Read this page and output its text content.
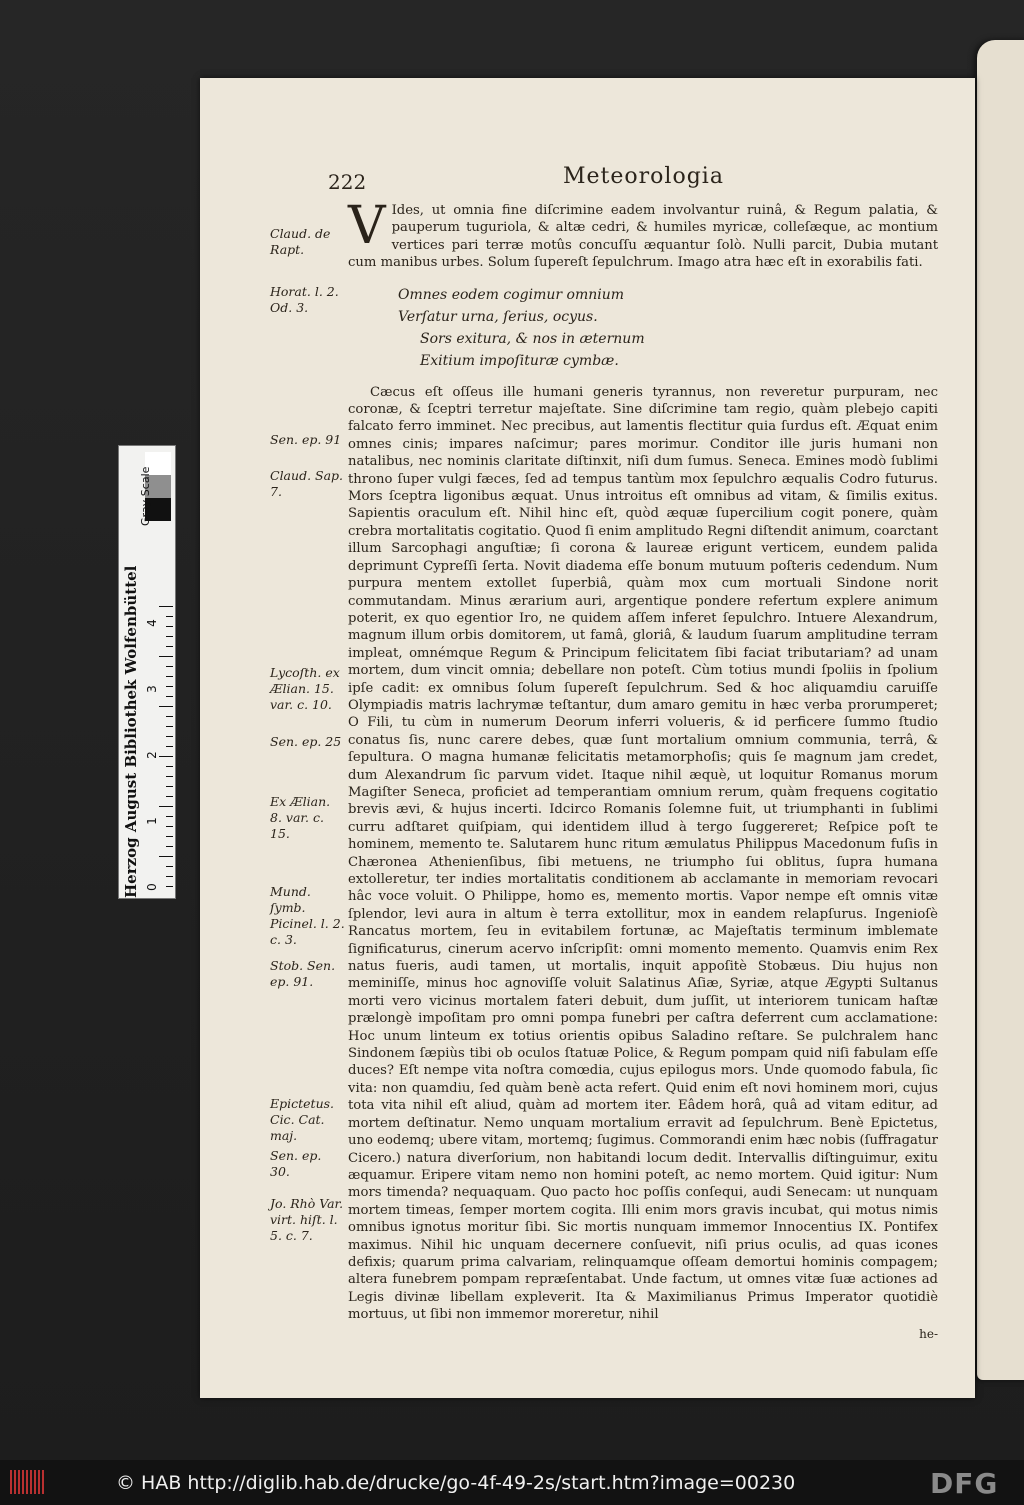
222	Meteorologia

V Ides, ut omnia fine diſcrimine eadem involvantur ruinâ, & Regum palatia, & pauperum tuguriola, & altæ cedri, & humiles myricæ, colleſæque, ac montium vertices pari terræ motûs concuſſu æquantur ſolò. Nulli parcit, Dubia mutant cum manibus urbes. Solum ſupereſt ſepulchrum. Imago atra hæc eſt in exorabilis fati.

Omnes eodem cogimur omnium
Verſatur urna, ſerius, ocyus.
Sors exitura, & nos in æternum
Exitium impoſituræ cymbæ.

Cæcus eſt oſſeus ille humani generis tyrannus, non reveretur purpuram, nec coronæ, & ſceptri terretur majeſtate. Sine diſcrimine tam regio, quàm plebejo capiti falcato ferro imminet. Nec precibus, aut lamentis flectitur quia ſurdus eſt. Æquat enim omnes cinis; impares naſcimur; pares morimur. Conditor ille juris humani non natalibus, nec nominis claritate diſtinxit, niſi dum ſumus. Seneca. Emines modò ſublimi throno ſuper vulgi fæces, ſed ad tempus tantùm mox ſepulchro æqualis Codro futurus. Mors ſceptra ligonibus æquat. Unus introitus eſt omnibus ad vitam, & ſimilis exitus. Sapientis oraculum eſt. Nihil hinc eſt, quòd æquæ ſupercilium cogit ponere, quàm crebra mortalitatis cogitatio. Quod ſi enim amplitudo Regni diſtendit animum, coarctant illum Sarcophagi anguſtiæ; ſi corona & laureæ erigunt verticem, eundem palida deprimunt Cypreſſi ſerta. Novit diadema eſſe bonum mutuum poſteris cedendum. Num purpura mentem extollet ſuperbiâ, quàm mox cum mortuali Sindone norit commutandam. Minus ærarium auri, argentique pondere refertum explere animum poterit, ex quo egentior Iro, ne quidem aſſem inferet ſepulchro. Intuere Alexandrum, magnum illum orbis domitorem, ut famâ, gloriâ, & laudum ſuarum amplitudine terram impleat, omnémque Regum & Principum felicitatem ſibi faciat tributariam? ad unam mortem, dum vincit omnia; debellare non poteſt. Cùm totius mundi ſpoliis in ſpolium ipſe cadit: ex omnibus ſolum ſupereſt ſepulchrum. Sed & hoc aliquamdiu caruiſſe Olympiadis matris lachrymæ teſtantur, dum amaro gemitu in hæc verba prorumperet; O Fili, tu cùm in numerum Deorum inferri volueris, & id perficere ſummo ſtudio conatus ſis, nunc carere debes, quæ ſunt mortalium omnium communia, terrâ, & ſepultura. O magna humanæ felicitatis metamorphoſis; quis ſe magnum jam credet, dum Alexandrum ſic parvum videt. Itaque nihil æquè, ut loquitur Romanus morum Magiſter Seneca, proficiet ad temperantiam omnium rerum, quàm frequens cogitatio brevis ævi, & hujus incerti. Idcirco Romanis ſolemne fuit, ut triumphanti in ſublimi curru adſtaret quiſpiam, qui identidem illud à tergo ſuggereret; Reſpice poſt te hominem, memento te. Salutarem hunc ritum æmulatus Philippus Macedonum fuſis in Chæronea Athenienſibus, ſibi metuens, ne triumpho ſui oblitus, ſupra humana extolleretur, ter indies mortalitatis conditionem ab acclamante in memoriam revocari hâc voce voluit. O Philippe, homo es, memento mortis. Vapor nempe eſt omnis vitæ ſplendor, levi aura in altum è terra extollitur, mox in eandem relapſurus. Ingenioſè Rancatus mortem, ſeu in evitabilem fortunæ, ac Majeſtatis terminum imblemate ſignificaturus, cinerum acervo inſcripſit: omni momento memento. Quamvis enim Rex natus fueris, audi tamen, ut mortalis, inquit appoſitè Stobæus. Diu hujus non meminiſſe, minus hoc agnoviſſe voluit Salatinus Aſiæ, Syriæ, atque Ægypti Sultanus morti vero vicinus mortalem fateri debuit, dum juſſit, ut interiorem tunicam haſtæ prælongè impoſitam pro omni pompa funebri per caſtra deferrent cum acclamatione: Hoc unum linteum ex totius orientis opibus Saladino reſtare. Se pulchralem hanc Sindonem ſæpiùs tibi ob oculos ſtatuæ Police, & Regum pompam quid niſi fabulam eſſe duces? Eſt nempe vita noſtra comœdia, cujus epilogus mors. Unde quomodo fabula, ſic vita: non quamdiu, ſed quàm benè acta refert. Quid enim eſt novi hominem mori, cujus tota vita nihil eſt aliud, quàm ad mortem iter. Eâdem horâ, quâ ad vitam editur, ad mortem deſtinatur. Nemo unquam mortalium erravit ad ſepulchrum. Benè Epictetus, uno eodemq; ubere vitam, mortemq; ſugimus. Commorandi enim hæc nobis (ſuffragatur Cicero.) natura diverſorium, non habitandi locum dedit. Intervallis diſtinguimur, exitu æquamur. Eripere vitam nemo non homini poteſt, ac nemo mortem. Quid igitur: Num mors timenda? nequaquam. Quo pacto hoc poſſis conſequi, audi Senecam: ut nunquam mortem timeas, ſemper mortem cogita. Illi enim mors gravis incubat, qui motus nimis omnibus ignotus moritur ſibi. Sic mortis nunquam immemor Innocentius IX. Pontifex maximus. Nihil hic unquam decernere conſuevit, niſi prius oculis, ad quas icones defixis; quarum prima calvariam, relinquamque oſſeam demortui hominis compagem; altera funebrem pompam repræſentabat. Unde factum, ut omnes vitæ ſuæ actiones ad Legis divinæ libellam expleverit. Ita & Maximilianus Primus Imperator quotidiè mortuus, ut ſibi non immemor moreretur, nihil

he-
Claud. de Rapt.
Horat. l. 2. Od. 3.
Sen. ep. 91
Claud. Sap. 7.
Lycoſth. ex Ælian. 15. var. c. 10.
Sen. ep. 25
Ex Ælian. 8. var. c. 15.
Mund. ſymb. Picinel. l. 2. c. 3.
Stob. Sen. ep. 91.
Epictetus. Cic. Cat. maj.
Sen. ep. 30.
Jo. Rhò Var. virt. hiſt. l. 5. c. 7.
Herzog August Bibliothek Wolfenbüttel
Gray Scale
0
1
2
3
4
© HAB http://diglib.hab.de/drucke/go-4f-49-2s/start.htm?image=00230	DFG
